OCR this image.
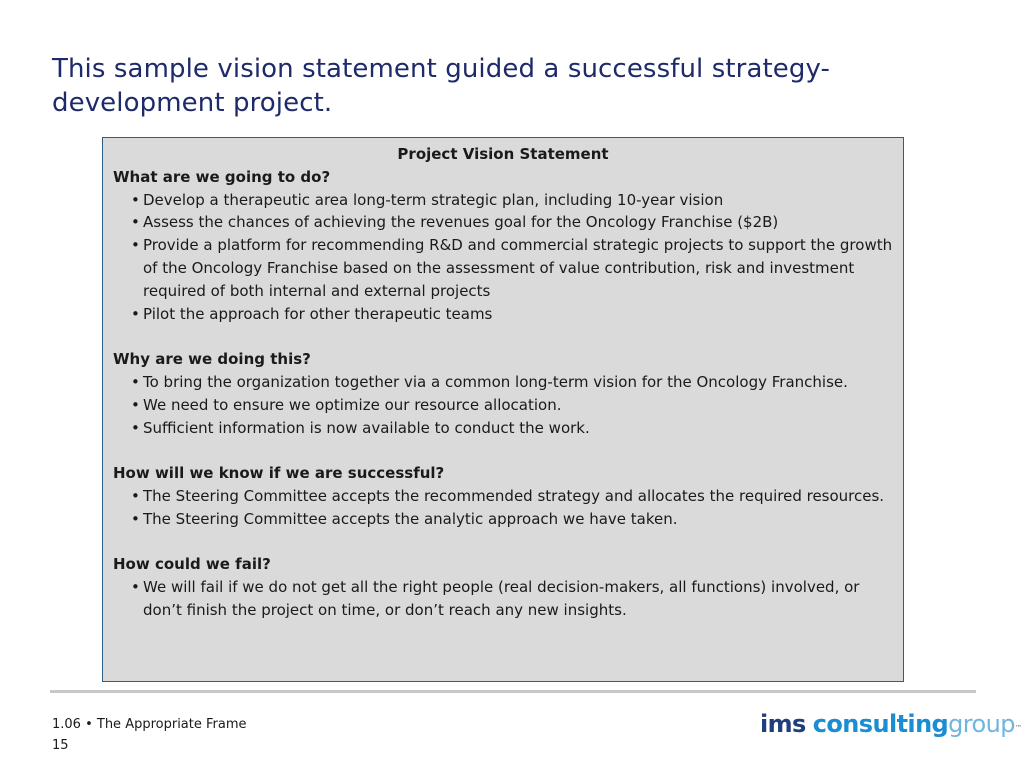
This sample vision statement guided a successful strategy-
development project.

Project Vision Statement

What are we going to do?

• Develop a therapeutic area long-term strategic plan, including 10-year vision
• Assess the chances of achieving the revenues goal for the Oncology Franchise ($2B)
• Provide a platform for recommending R&D and commercial strategic projects to support the growth of the Oncology Franchise based on the assessment of value contribution, risk and investment required of both internal and external projects
• Pilot the approach for other therapeutic teams

Why are we doing this?

• To bring the organization together via a common long-term vision for the Oncology Franchise.
• We need to ensure we optimize our resource allocation.
• Sufficient information is now available to conduct the work.

How will we know if we are successful?

• The Steering Committee accepts the recommended strategy and allocates the required resources.
• The Steering Committee accepts the analytic approach we have taken.

How could we fail?

• We will fail if we do not get all the right people (real decision-makers, all functions) involved, or don’t finish the project on time, or don’t reach any new insights.
1.06 • The Appropriate Frame
15
ims consultinggroup™
